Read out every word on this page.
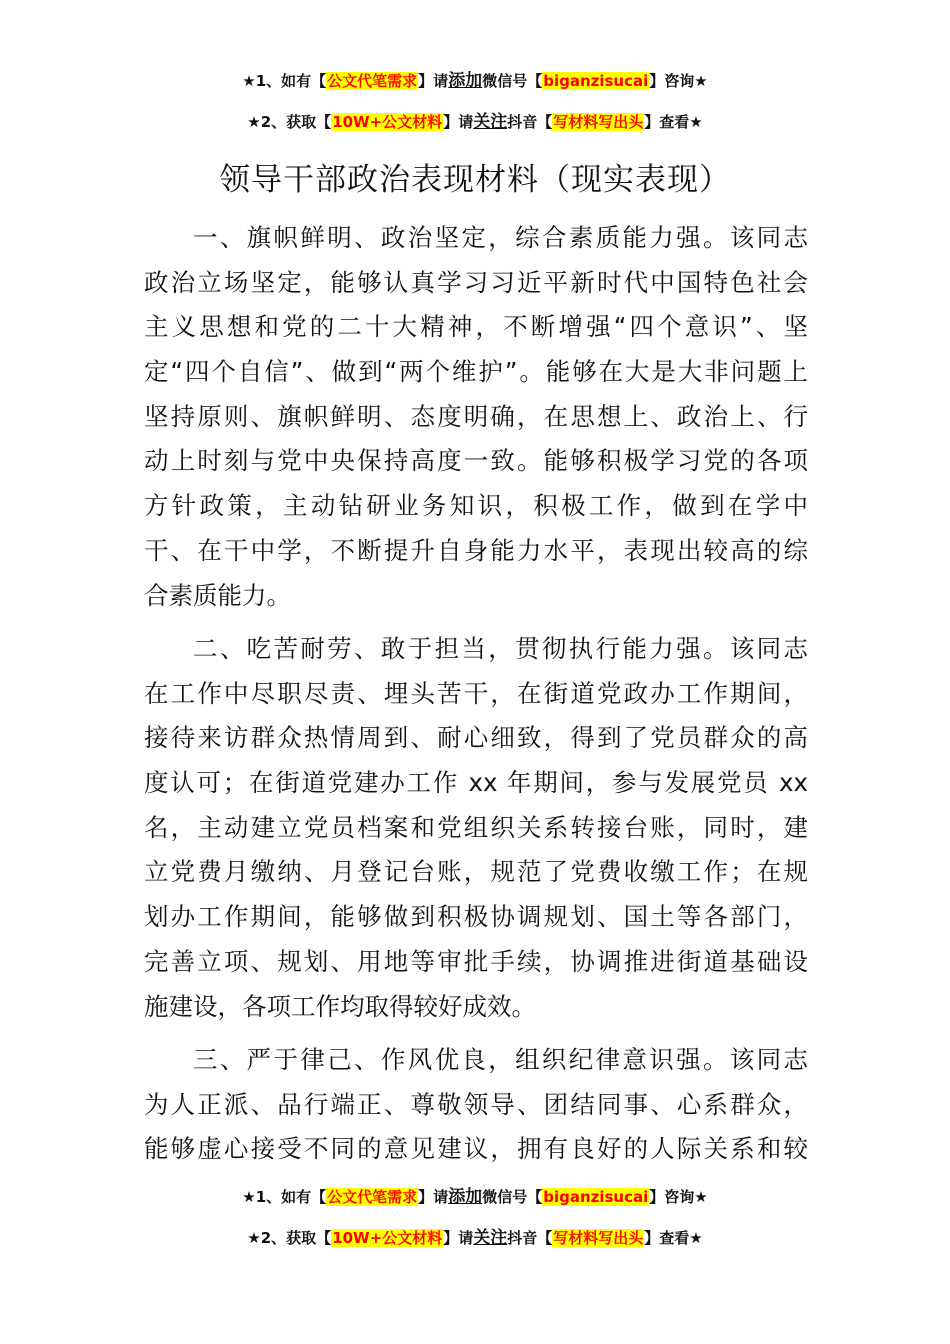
★1、如有【公文代笔需求】请添加微信号【biganzisucai】咨询★
★2、获取【10W+公文材料】请关注抖音【写材料写出头】查看★
领导干部政治表现材料（现实表现）
一、旗帜鲜明、政治坚定，综合素质能力强。该同志
政治立场坚定，能够认真学习习近平新时代中国特色社会
主义思想和党的二十大精神，不断增强“四个意识”、坚
定“四个自信”、做到“两个维护”。能够在大是大非问题上
坚持原则、旗帜鲜明、态度明确，在思想上、政治上、行
动上时刻与党中央保持高度一致。能够积极学习党的各项
方针政策，主动钻研业务知识，积极工作，做到在学中
干、在干中学，不断提升自身能力水平，表现出较高的综
合素质能力。
二、吃苦耐劳、敢于担当，贯彻执行能力强。该同志
在工作中尽职尽责、埋头苦干，在街道党政办工作期间，
接待来访群众热情周到、耐心细致，得到了党员群众的高
度认可；在街道党建办工作 xx 年期间，参与发展党员 xx
名，主动建立党员档案和党组织关系转接台账，同时，建
立党费月缴纳、月登记台账，规范了党费收缴工作；在规
划办工作期间，能够做到积极协调规划、国土等各部门，
完善立项、规划、用地等审批手续，协调推进街道基础设
施建设，各项工作均取得较好成效。
三、严于律己、作风优良，组织纪律意识强。该同志
为人正派、品行端正、尊敬领导、团结同事、心系群众，
能够虚心接受不同的意见建议，拥有良好的人际关系和较
★1、如有【公文代笔需求】请添加微信号【biganzisucai】咨询★
★2、获取【10W+公文材料】请关注抖音【写材料写出头】查看★
